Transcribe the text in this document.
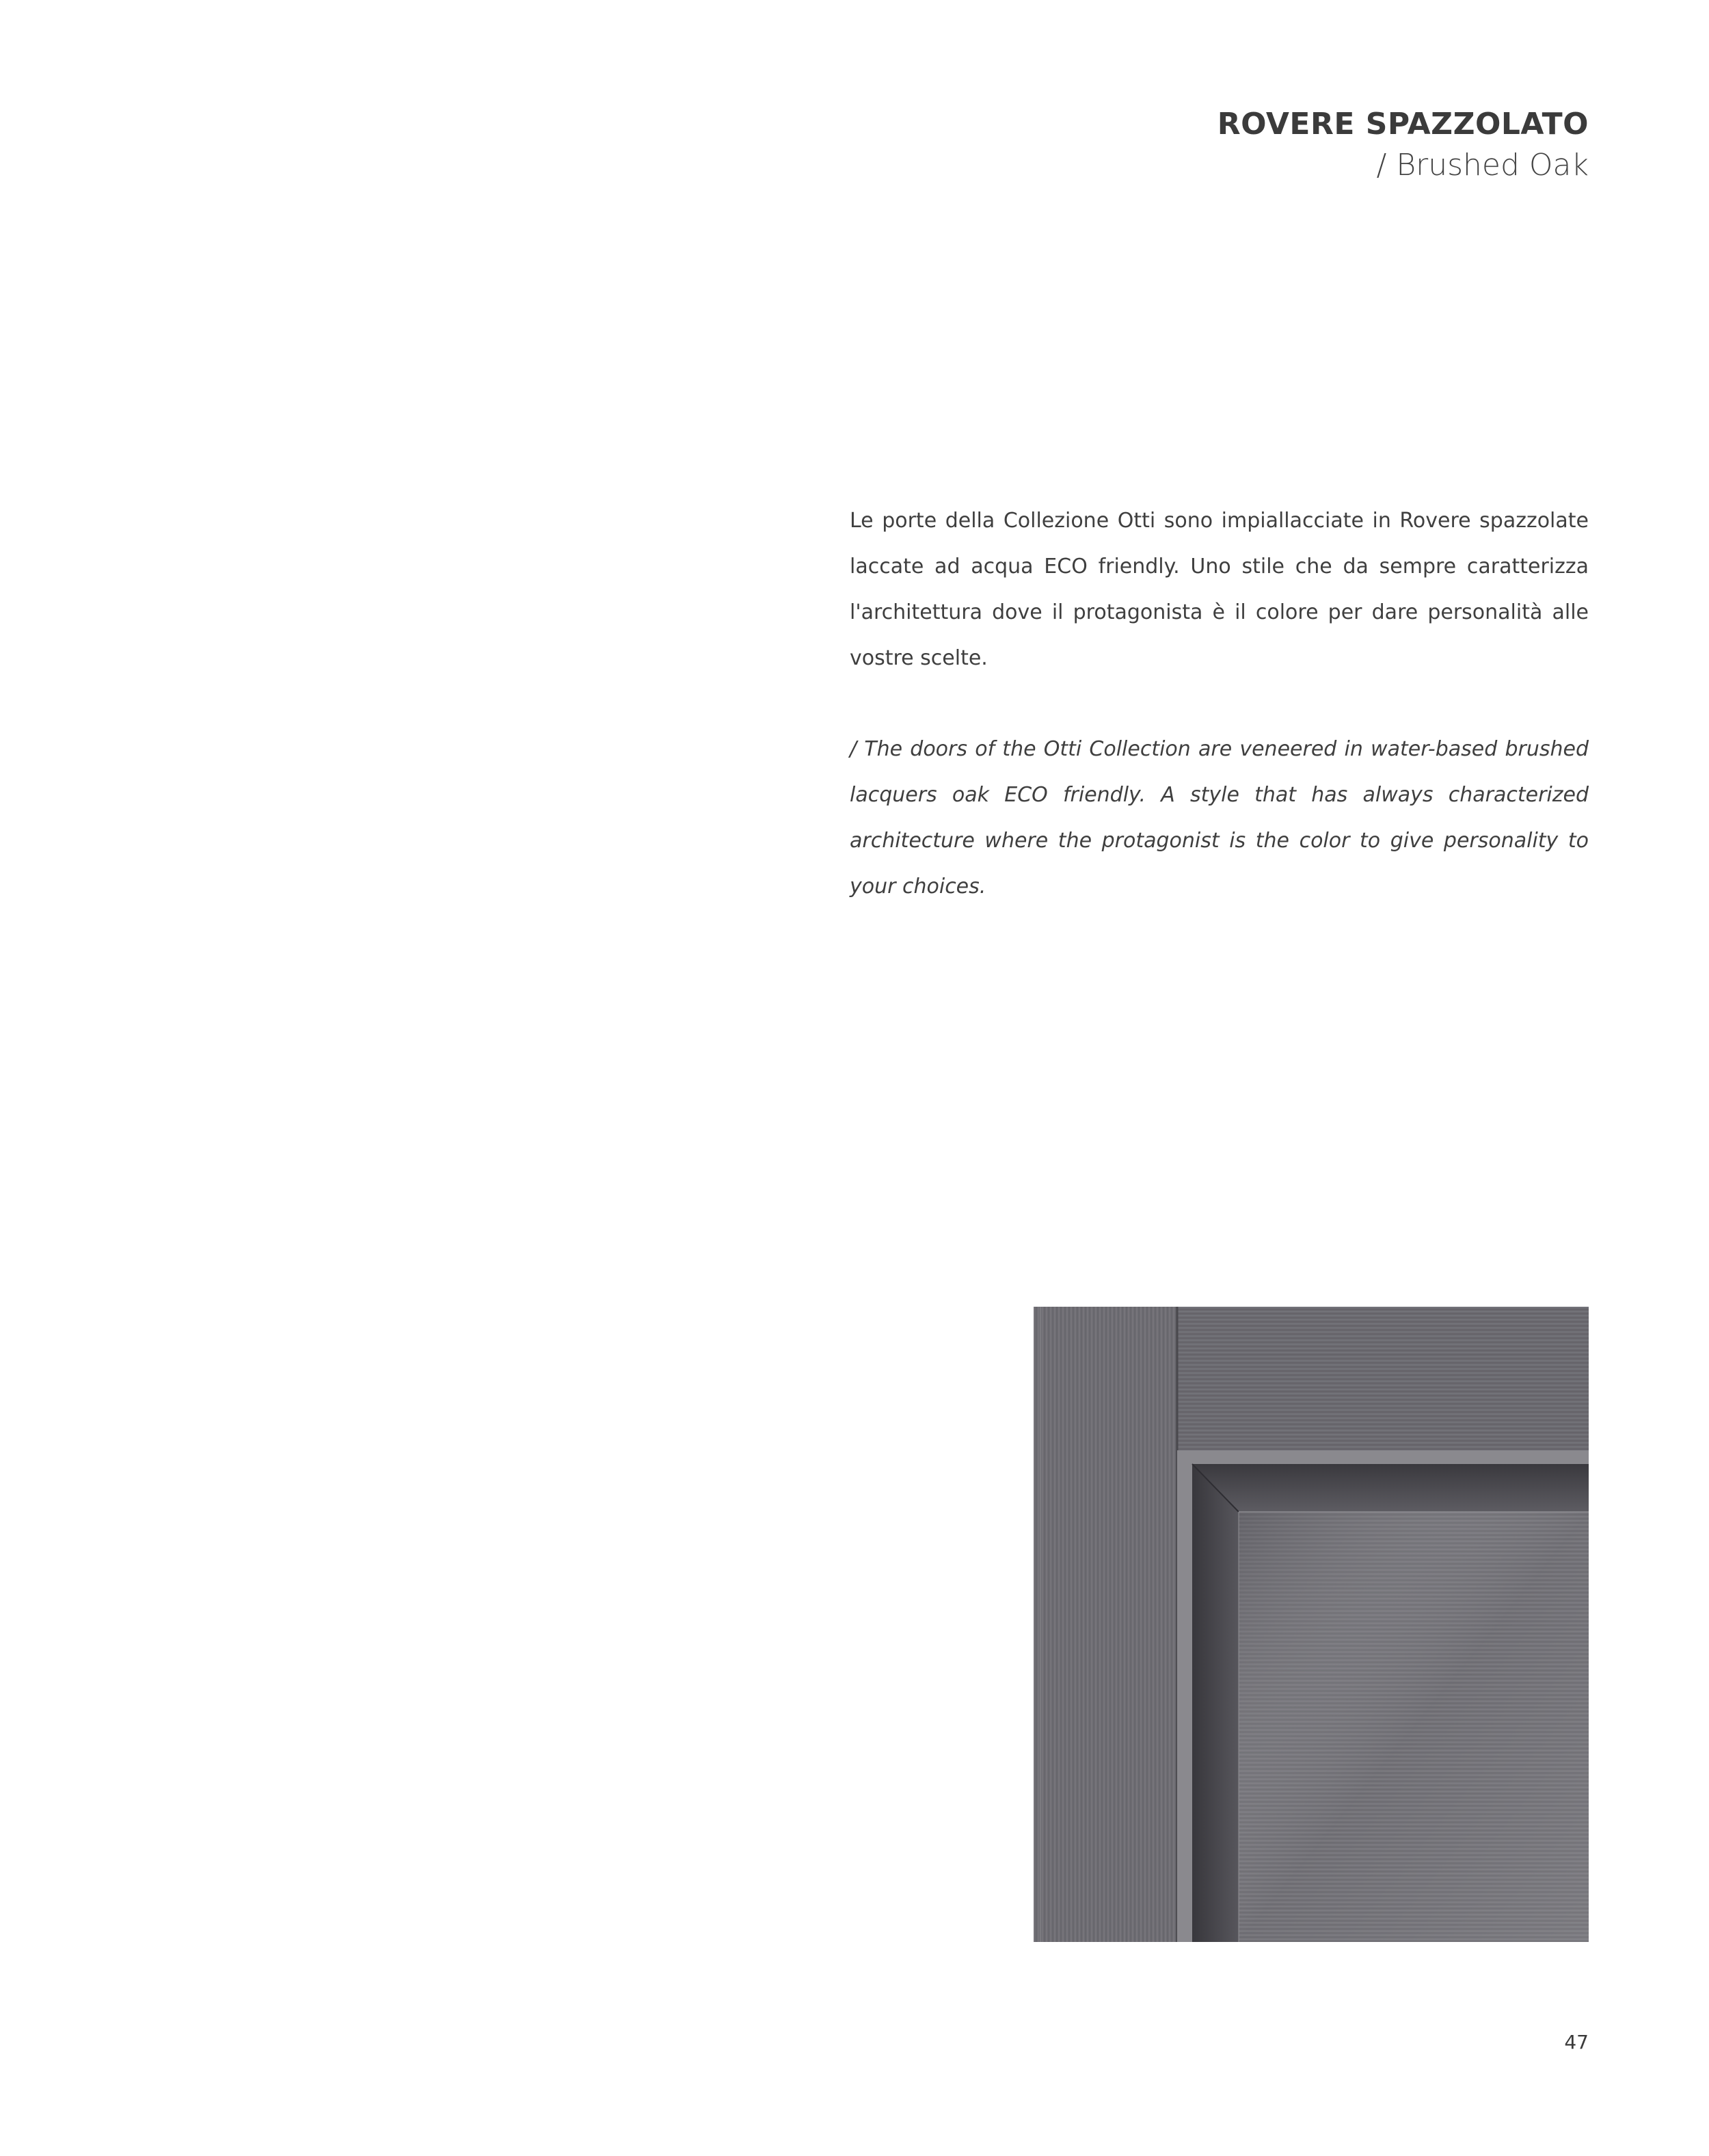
ROVERE SPAZZOLATO
/ Brushed Oak

Le porte della Collezione Otti sono impiallacciate in Rovere spazzolate laccate ad acqua ECO friendly. Uno stile che da sempre caratterizza l'architettura dove il protagonista è il colore per dare personalità alle vostre scelte.

/ The doors of the Otti Collection are veneered in water-based brushed lacquers oak ECO friendly. A style that has always characterized architecture where the protagonist is the color to give personality to your choices.

47
